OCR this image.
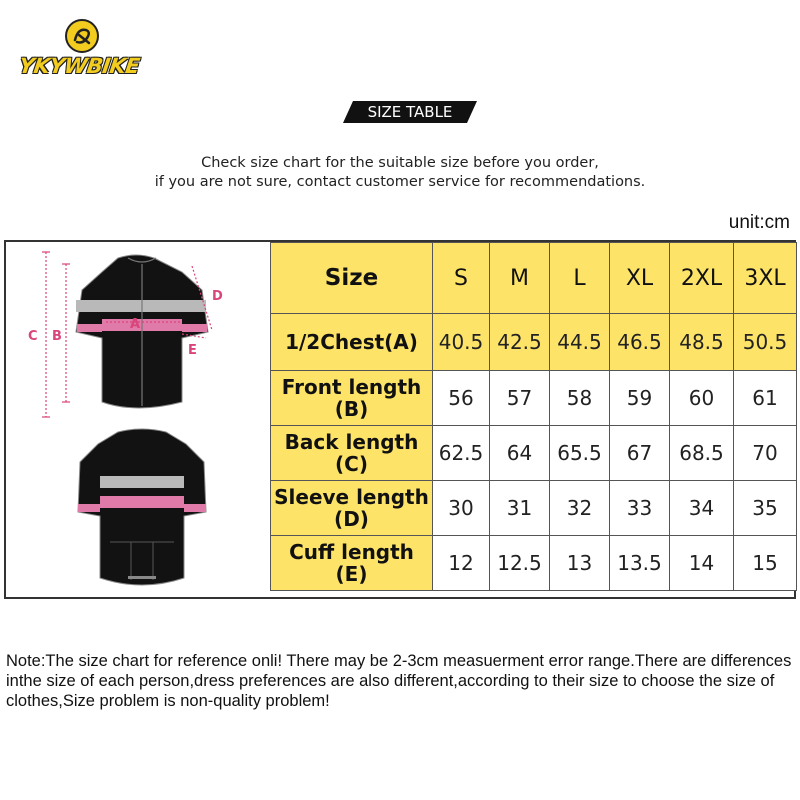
YKYWBIKE
SIZE TABLE
Check size chart for the suitable size before you order,
if you are not sure, contact customer service for recommendations.
unit:cm
C B
A
D
E
Size	S	M	L	XL	2XL	3XL
1/2Chest(A)	40.5	42.5	44.5	46.5	48.5	50.5
Front length
(B)	56	57	58	59	60	61
Back length
(C)	62.5	64	65.5	67	68.5	70
Sleeve length
(D)	30	31	32	33	34	35
Cuff length
(E)	12	12.5	13	13.5	14	15
Note:The size chart for reference onli! There may be 2-3cm measuerment error range.There are differences inthe size of each person,dress preferences are also different,according to their size to choose the size of clothes,Size problem is non-quality problem!
